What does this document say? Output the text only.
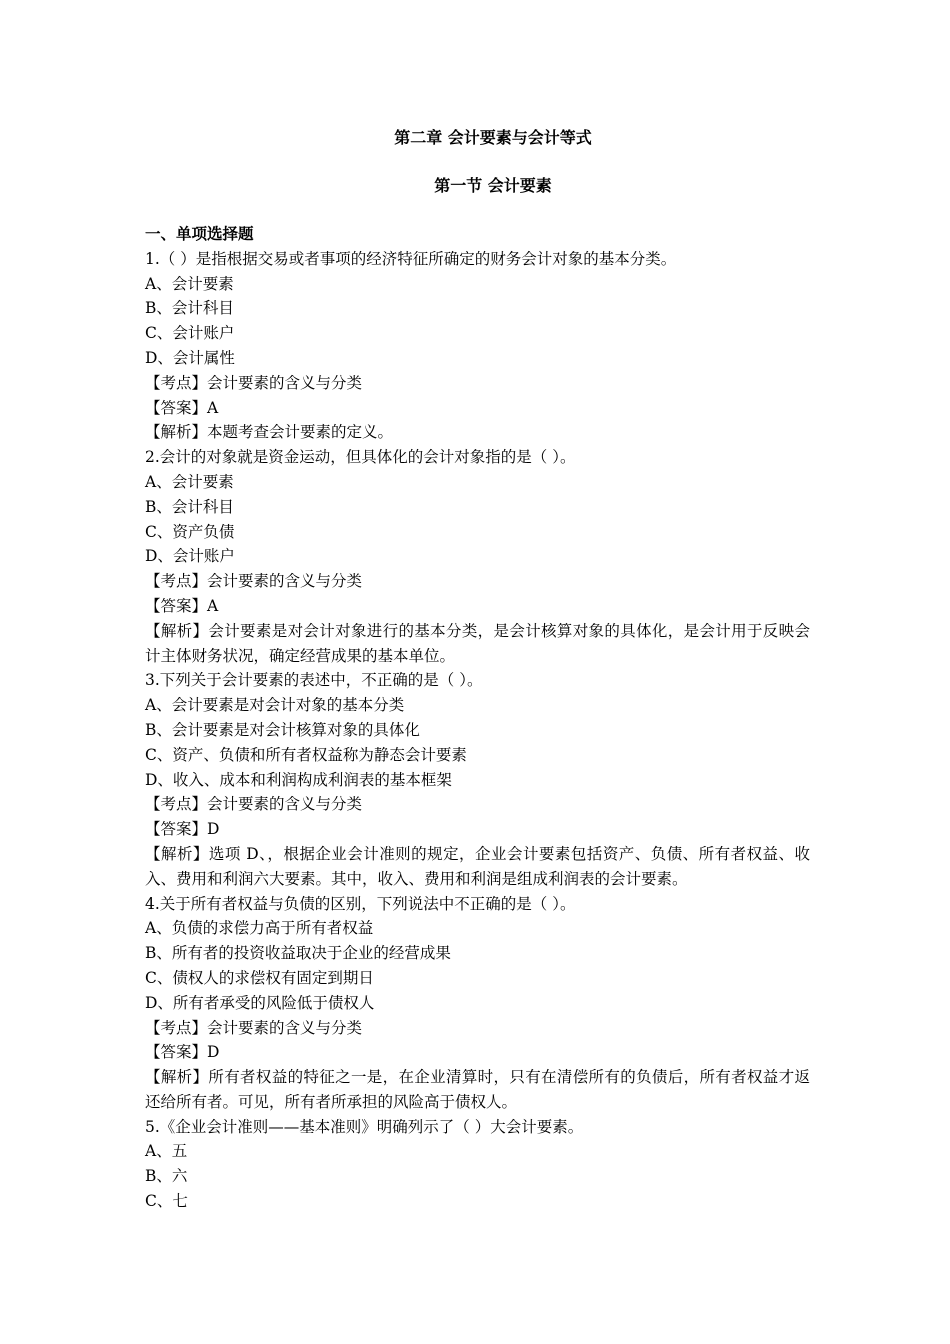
第二章 会计要素与会计等式
第一节 会计要素
一、单项选择题
1.（ ）是指根据交易或者事项的经济特征所确定的财务会计对象的基本分类。
A、会计要素
B、会计科目
C、会计账户
D、会计属性
【考点】会计要素的含义与分类
【答案】A
【解析】本题考查会计要素的定义。
2.会计的对象就是资金运动，但具体化的会计对象指的是（ ）。
A、会计要素
B、会计科目
C、资产负债
D、会计账户
【考点】会计要素的含义与分类
【答案】A
【解析】会计要素是对会计对象进行的基本分类，是会计核算对象的具体化，是会计用于反映会计主体财务状况，确定经营成果的基本单位。
3.下列关于会计要素的表述中，不正确的是（ ）。
A、会计要素是对会计对象的基本分类
B、会计要素是对会计核算对象的具体化
C、资产、负债和所有者权益称为静态会计要素
D、收入、成本和利润构成利润表的基本框架
【考点】会计要素的含义与分类
【答案】D
【解析】选项 D、，根据企业会计准则的规定，企业会计要素包括资产、负债、所有者权益、收入、费用和利润六大要素。其中，收入、费用和利润是组成利润表的会计要素。
4.关于所有者权益与负债的区别，下列说法中不正确的是（ ）。
A、负债的求偿力高于所有者权益
B、所有者的投资收益取决于企业的经营成果
C、债权人的求偿权有固定到期日
D、所有者承受的风险低于债权人
【考点】会计要素的含义与分类
【答案】D
【解析】所有者权益的特征之一是，在企业清算时，只有在清偿所有的负债后，所有者权益才返还给所有者。可见，所有者所承担的风险高于债权人。
5.《企业会计准则——基本准则》明确列示了（ ）大会计要素。
A、五
B、六
C、七
